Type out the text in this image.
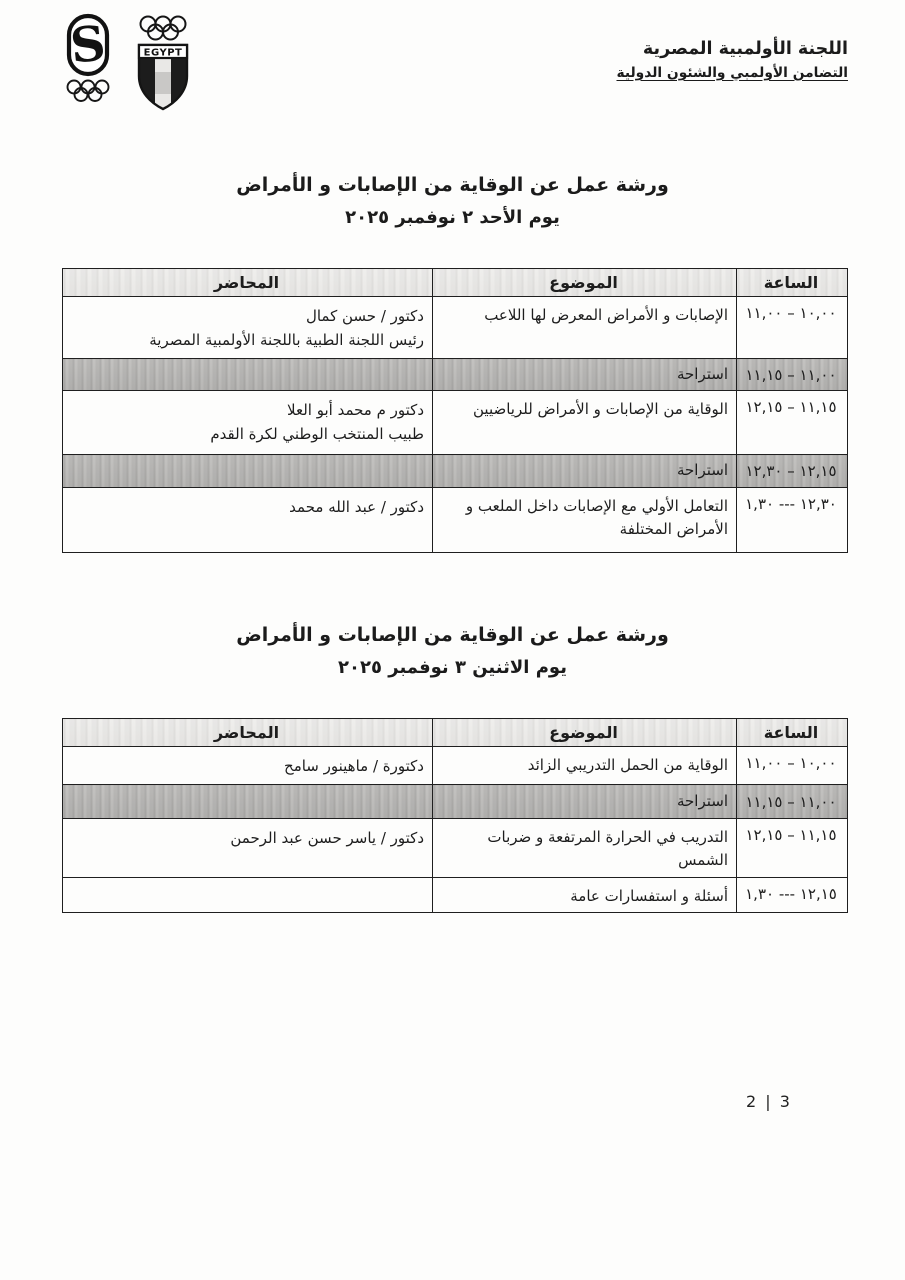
EGYPT
S	اللجنة الأولمبية المصرية
التضامن الأولمبي والشئون الدولية
ورشة عمل عن الوقاية من الإصابات و الأمراض
يوم الأحد ٢ نوفمبر ٢٠٢٥
الساعة	الموضوع	المحاضر
١٠,٠٠ – ١١,٠٠	الإصابات و الأمراض المعرض لها اللاعب	دكتور / حسن كمال
رئيس اللجنة الطبية باللجنة الأولمبية المصرية

١١,٠٠ – ١١,١٥	استراحة	
١١,١٥ – ١٢,١٥	الوقاية من الإصابات و الأمراض للرياضيين	دكتور م محمد أبو العلا
طبيب المنتخب الوطني لكرة القدم

١٢,١٥ – ١٢,٣٠	استراحة	
١٢,٣٠ --- ١,٣٠	التعامل الأولي مع الإصابات داخل الملعب و الأمراض المختلفة	دكتور / عبد الله محمد
ورشة عمل عن الوقاية من الإصابات و الأمراض
يوم الاثنين ٣ نوفمبر ٢٠٢٥
الساعة	الموضوع	المحاضر
١٠,٠٠ – ١١,٠٠	الوقاية من الحمل التدريبي الزائد	دكتورة / ماهينور سامح

١١,٠٠ – ١١,١٥	استراحة	
١١,١٥ – ١٢,١٥	التدريب في الحرارة المرتفعة و ضربات الشمس	دكتور / ياسر حسن عبد الرحمن

١٢,١٥ --- ١,٣٠	أسئلة و استفسارات عامة	
2 | 3
